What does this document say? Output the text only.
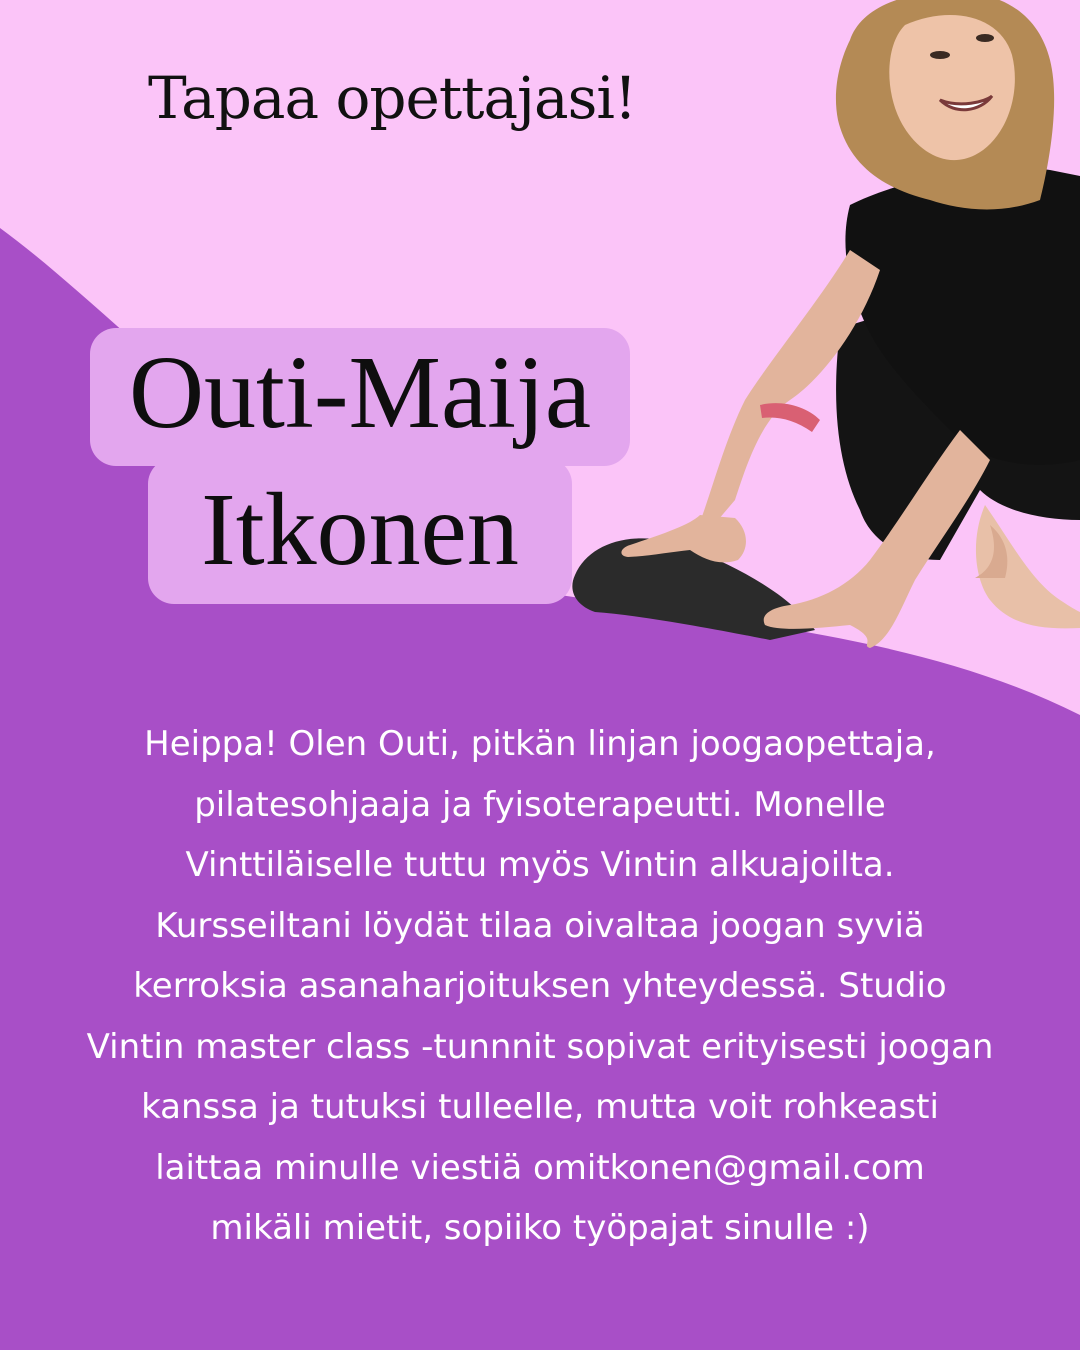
Tapaa opettajasi!
Outi-Maija
Itkonen
Heippa! Olen Outi, pitkän linjan joogaopettaja,
pilatesohjaaja ja fyisoterapeutti. Monelle
Vinttiläiselle tuttu myös Vintin alkuajoilta.
Kursseiltani löydät tilaa oivaltaa joogan syviä
kerroksia asanaharjoituksen yhteydessä. Studio
Vintin master class -tunnnit sopivat erityisesti joogan
kanssa ja tutuksi tulleelle, mutta voit rohkeasti
laittaa minulle viestiä omitkonen@gmail.com
mikäli mietit, sopiiko työpajat sinulle :)
